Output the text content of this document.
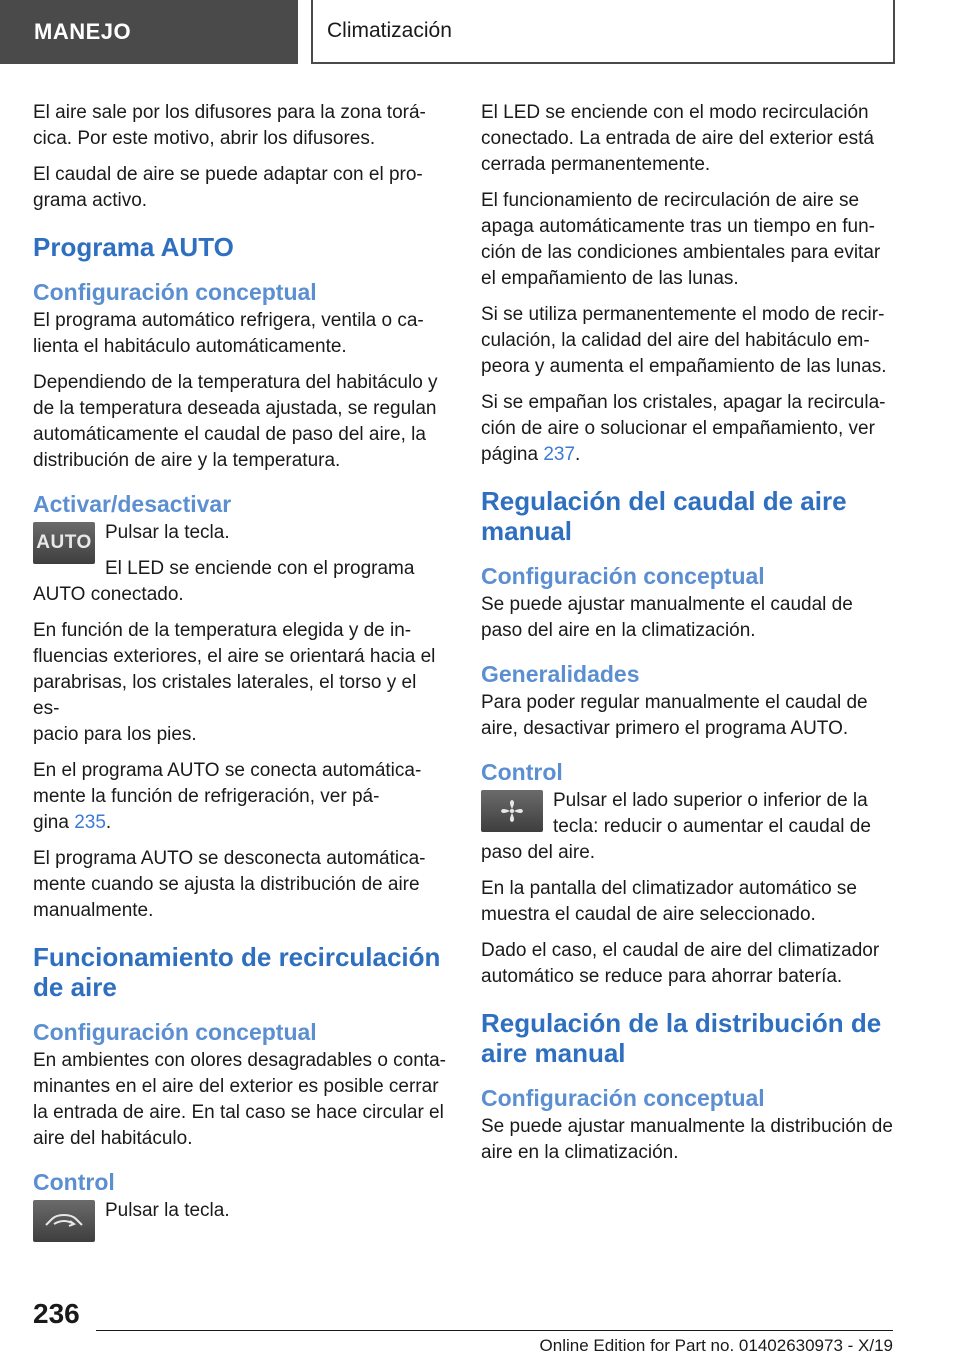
MANEJO	Climatización

El aire sale por los difusores para la zona torá-
cica. Por este motivo, abrir los difusores.

El caudal de aire se puede adaptar con el pro-
grama activo.

Programa AUTO
Configuración conceptual

El programa automático refrigera, ventila o ca-
lienta el habitáculo automáticamente.

Dependiendo de la temperatura del habitáculo y
de la temperatura deseada ajustada, se regulan
automáticamente el caudal de paso del aire, la
distribución de aire y la temperatura.

Activar/desactivar
AUTO Pulsar la tecla.

El LED se enciende con el programa
AUTO conectado.

En función de la temperatura elegida y de in-
fluencias exteriores, el aire se orientará hacia el
parabrisas, los cristales laterales, el torso y el es-
pacio para los pies.

En el programa AUTO se conecta automática-
mente la función de refrigeración, ver pá-
gina 235.

El programa AUTO se desconecta automática-
mente cuando se ajusta la distribución de aire
manualmente.

Funcionamiento de recirculación
de aire
Configuración conceptual

En ambientes con olores desagradables o conta-
minantes en el aire del exterior es posible cerrar
la entrada de aire. En tal caso se hace circular el
aire del habitáculo.

Control

Pulsar la tecla.

El LED se enciende con el modo recirculación
conectado. La entrada de aire del exterior está
cerrada permanentemente.

El funcionamiento de recirculación de aire se
apaga automáticamente tras un tiempo en fun-
ción de las condiciones ambientales para evitar
el empañamiento de las lunas.

Si se utiliza permanentemente el modo de recir-
culación, la calidad del aire del habitáculo em-
peora y aumenta el empañamiento de las lunas.

Si se empañan los cristales, apagar la recircula-
ción de aire o solucionar el empañamiento, ver
página 237.

Regulación del caudal de aire
manual
Configuración conceptual

Se puede ajustar manualmente el caudal de
paso del aire en la climatización.

Generalidades

Para poder regular manualmente el caudal de
aire, desactivar primero el programa AUTO.

Control

Pulsar el lado superior o inferior de la
tecla: reducir o aumentar el caudal de
paso del aire.

En la pantalla del climatizador automático se
muestra el caudal de aire seleccionado.

Dado el caso, el caudal de aire del climatizador
automático se reduce para ahorrar batería.

Regulación de la distribución de
aire manual
Configuración conceptual

Se puede ajustar manualmente la distribución de
aire en la climatización.

236
Online Edition for Part no. 01402630973 - X/19
